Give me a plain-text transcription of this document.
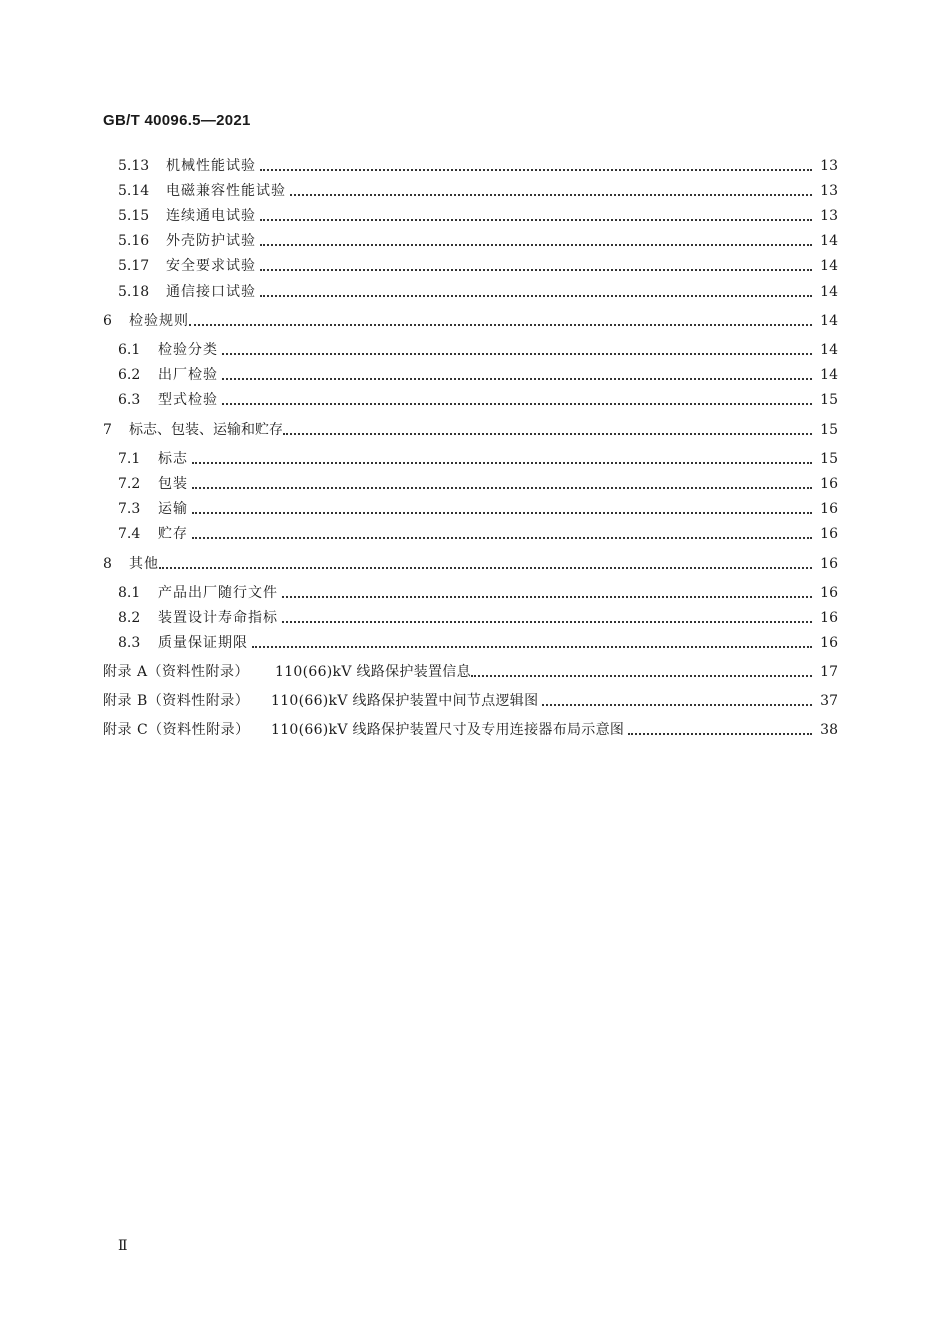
GB/T 40096.5—2021
5.13	机械性能试验	13
5.14	电磁兼容性能试验	13
5.15	连续通电试验	13
5.16	外壳防护试验	14
5.17	安全要求试验	14
5.18	通信接口试验	14
6	检验规则	14
6.1	检验分类	14
6.2	出厂检验	14
6.3	型式检验	15
7	标志、包装、运输和贮存	15
7.1	标志	15
7.2	包装	16
7.3	运输	16
7.4	贮存	16
8	其他	16
8.1	产品出厂随行文件	16
8.2	装置设计寿命指标	16
8.3	质量保证期限	16
附录 A（资料性附录）	110(66)kV 线路保护装置信息	17
附录 B（资料性附录）	110(66)kV 线路保护装置中间节点逻辑图	37
附录 C（资料性附录）	110(66)kV 线路保护装置尺寸及专用连接器布局示意图	38
Ⅱ
